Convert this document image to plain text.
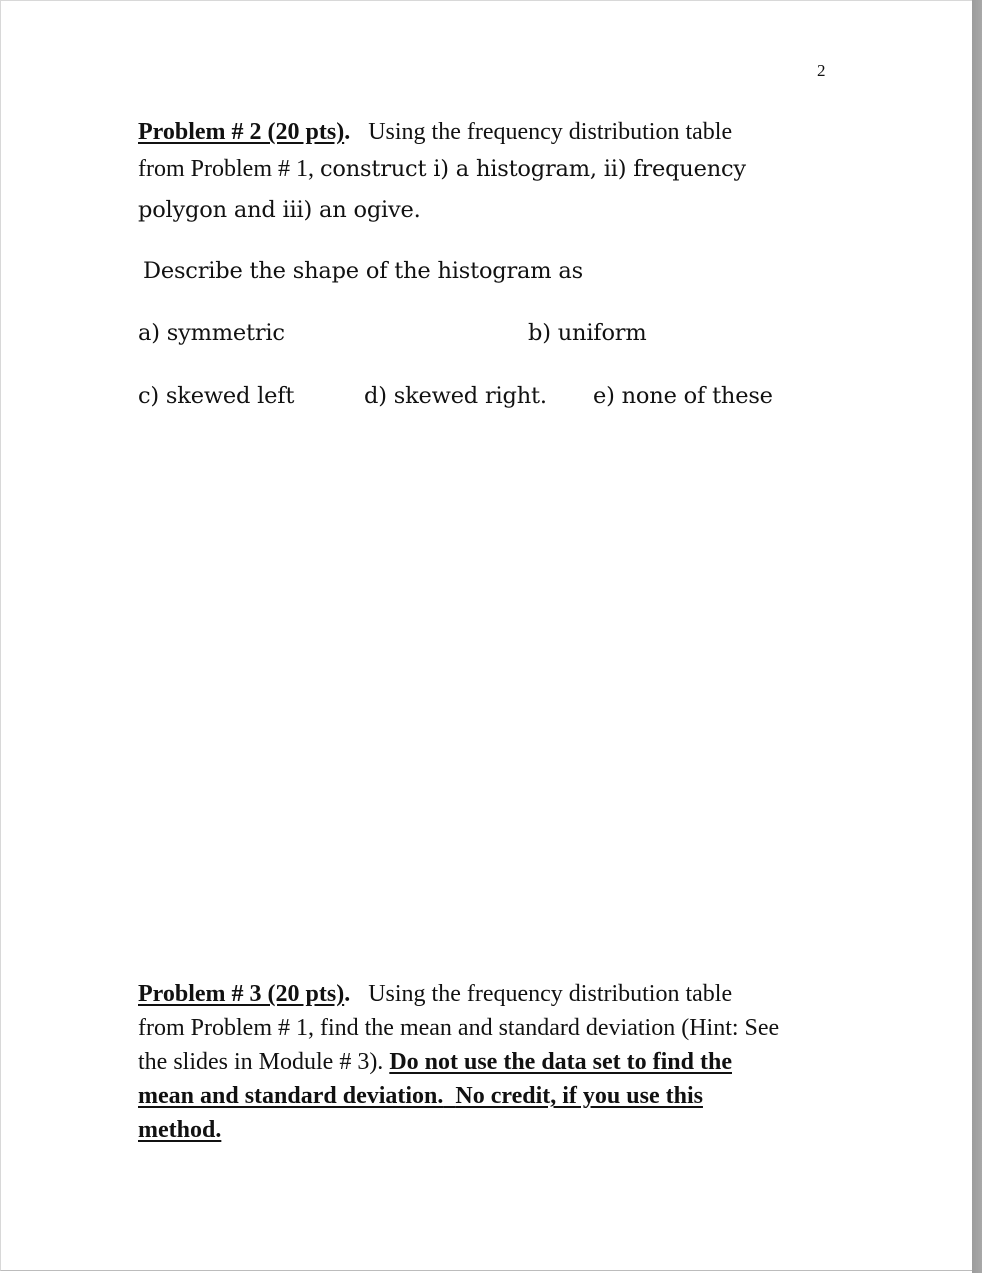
2
Problem # 2 (20 pts). Using the frequency distribution table
from Problem # 1, construct i) a histogram, ii) frequency
polygon and iii) an ogive.
Describe the shape of the histogram as
a) symmetric	b) uniform
c) skewed left	d) skewed right. e) none of these
Problem # 3 (20 pts). Using the frequency distribution table
from Problem # 1, find the mean and standard deviation (Hint: See
the slides in Module # 3). Do not use the data set to find the
mean and standard deviation. No credit, if you use this
method.
